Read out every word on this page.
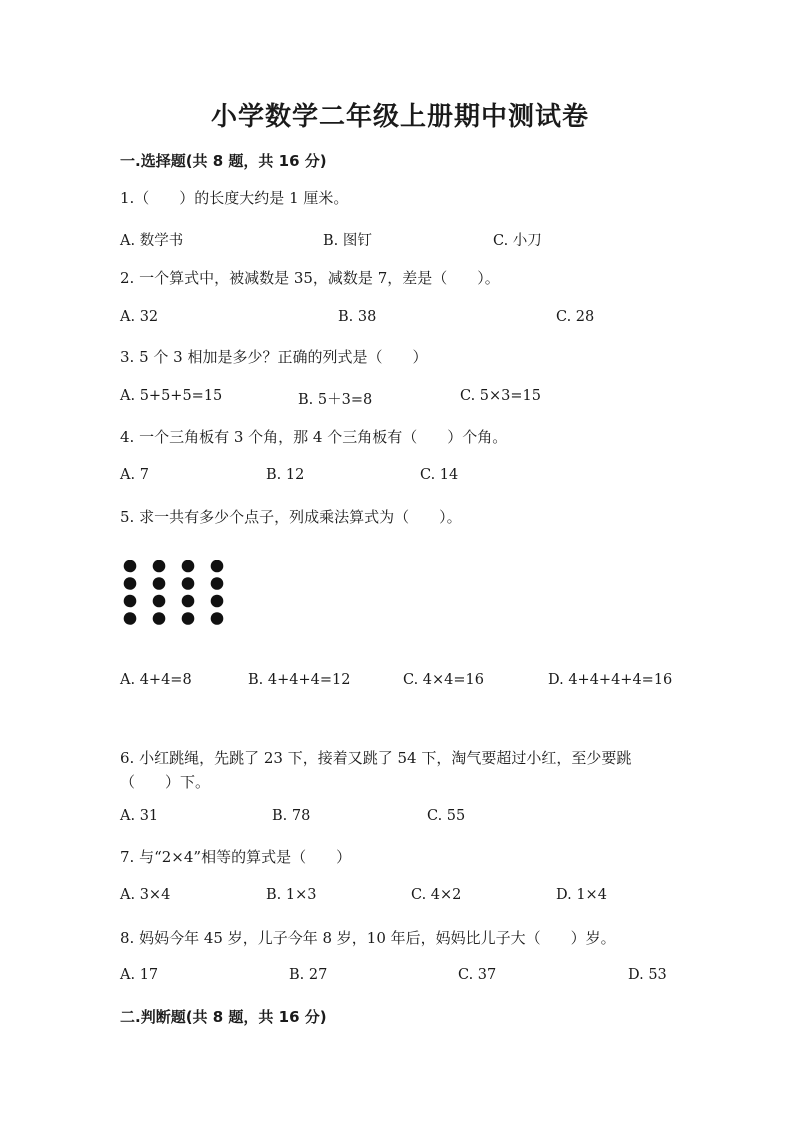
小学数学二年级上册期中测试卷
一.选择题(共 8 题，共 16 分)
1.（　　）的长度大约是 1 厘米。
A. 数学书	B. 图钉	C. 小刀
2. 一个算式中，被减数是 35，减数是 7，差是（　　）。
A. 32	B. 38	C. 28
3. 5 个 3 相加是多少？正确的列式是（　　）
A. 5+5+5=15	B. 5＋3=8	C. 5×3=15
4. 一个三角板有 3 个角，那 4 个三角板有（　　）个角。
A. 7	B. 12	C. 14
5. 求一共有多少个点子，列成乘法算式为（　　）。
A. 4+4=8	B. 4+4+4=12	C. 4×4=16	D. 4+4+4+4=16
6. 小红跳绳，先跳了 23 下，接着又跳了 54 下，淘气要超过小红，至少要跳（　　）下。
A. 31	B. 78	C. 55
7. 与“2×4”相等的算式是（　　）
A. 3×4	B. 1×3	C. 4×2	D. 1×4
8. 妈妈今年 45 岁，儿子今年 8 岁，10 年后，妈妈比儿子大（　　）岁。
A. 17	B. 27	C. 37	D. 53
二.判断题(共 8 题，共 16 分)
